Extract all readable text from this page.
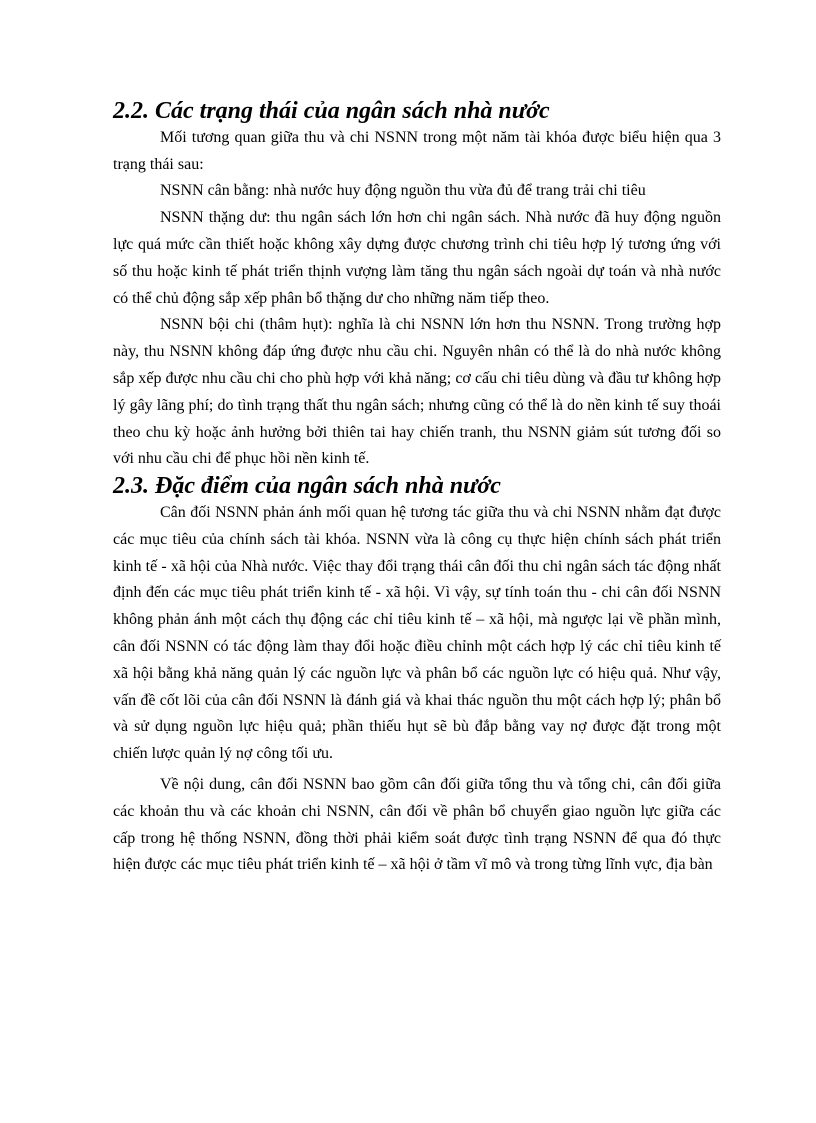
2.2. Các trạng thái của ngân sách nhà nước

Mối tương quan giữa thu và chi NSNN trong một năm tài khóa được biểu hiện qua 3 trạng thái sau:

NSNN cân bằng: nhà nước huy động nguồn thu vừa đủ để trang trải chi tiêu

NSNN thặng dư: thu ngân sách lớn hơn chi ngân sách. Nhà nước đã huy động nguồn lực quá mức cần thiết hoặc không xây dựng được chương trình chi tiêu hợp lý tương ứng với số thu hoặc kinh tế phát triển thịnh vượng làm tăng thu ngân sách ngoài dự toán và nhà nước có thể chủ động sắp xếp phân bổ thặng dư cho những năm tiếp theo.

NSNN bội chi (thâm hụt): nghĩa là chi NSNN lớn hơn thu NSNN. Trong trường hợp này, thu NSNN không đáp ứng được nhu cầu chi. Nguyên nhân có thể là do nhà nước không sắp xếp được nhu cầu chi cho phù hợp với khả năng; cơ cấu chi tiêu dùng và đầu tư không hợp lý gây lãng phí; do tình trạng thất thu ngân sách; nhưng cũng có thể là do nền kinh tế suy thoái theo chu kỳ hoặc ảnh hưởng bởi thiên tai hay chiến tranh, thu NSNN giảm sút tương đối so với nhu cầu chi để phục hồi nền kinh tế.

2.3. Đặc điểm của ngân sách nhà nước

Cân đối NSNN phản ánh mối quan hệ tương tác giữa thu và chi NSNN nhằm đạt được các mục tiêu của chính sách tài khóa. NSNN vừa là công cụ thực hiện chính sách phát triển kinh tế - xã hội của Nhà nước. Việc thay đổi trạng thái cân đối thu chi ngân sách tác động nhất định đến các mục tiêu phát triển kinh tế - xã hội. Vì vậy, sự tính toán thu - chi cân đối NSNN không phản ánh một cách thụ động các chỉ tiêu kinh tế – xã hội, mà ngược lại về phần mình, cân đối NSNN có tác động làm thay đổi hoặc điều chỉnh một cách hợp lý các chỉ tiêu kinh tế xã hội bằng khả năng quản lý các nguồn lực và phân bổ các nguồn lực có hiệu quả. Như vậy, vấn đề cốt lõi của cân đối NSNN là đánh giá và khai thác nguồn thu một cách hợp lý; phân bổ và sử dụng nguồn lực hiệu quả; phần thiếu hụt sẽ bù đắp bằng vay nợ được đặt trong một chiến lược quản lý nợ công tối ưu.

Về nội dung, cân đối NSNN bao gồm cân đối giữa tổng thu và tổng chi, cân đối giữa các khoản thu và các khoản chi NSNN, cân đối về phân bổ chuyển giao nguồn lực giữa các cấp trong hệ thống NSNN, đồng thời phải kiểm soát được tình trạng NSNN để qua đó thực hiện được các mục tiêu phát triển kinh tế – xã hội ở tầm vĩ mô và trong từng lĩnh vực, địa bàn
